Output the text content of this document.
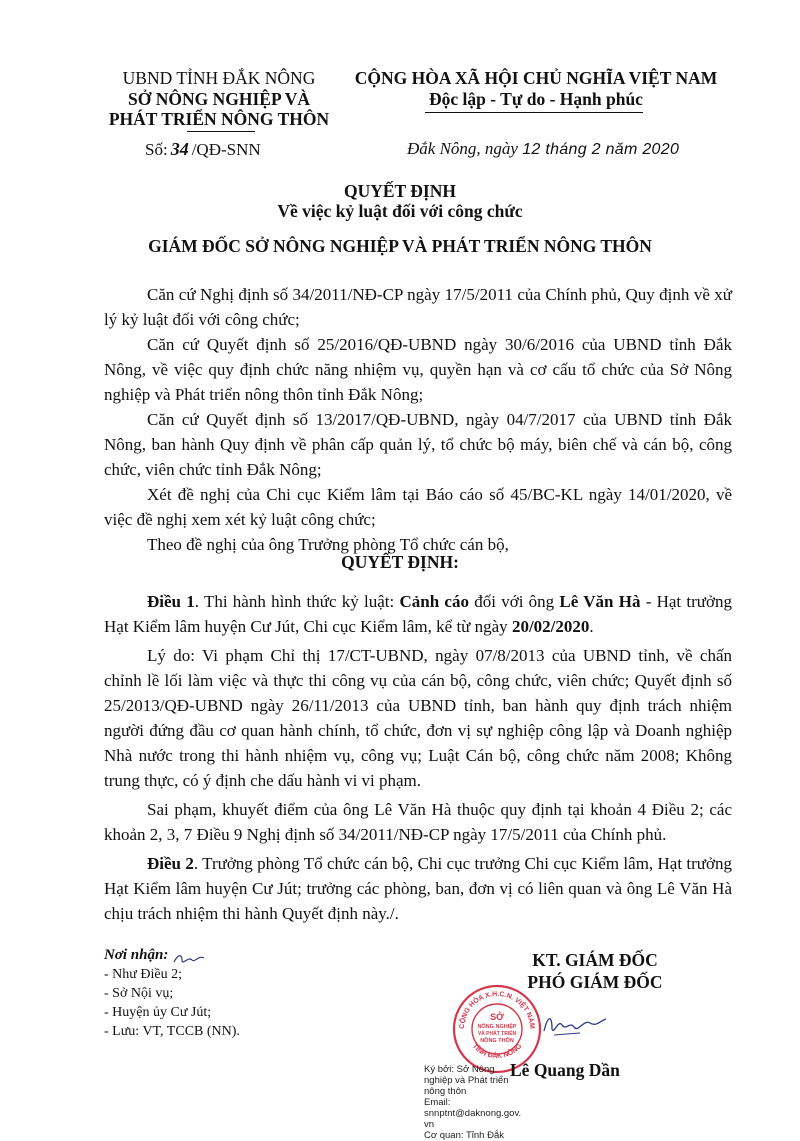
UBND TỈNH ĐẮK NÔNG
SỞ NÔNG NGHIỆP VÀ
PHÁT TRIỂN NÔNG THÔN
CỘNG HÒA XÃ HỘI CHỦ NGHĨA VIỆT NAM
Độc lập - Tự do - Hạnh phúc
Số: 34 /QĐ-SNN	Đắk Nông, ngày 12 tháng 2 năm 2020
QUYẾT ĐỊNH
Về việc kỷ luật đối với công chức
GIÁM ĐỐC SỞ NÔNG NGHIỆP VÀ PHÁT TRIỂN NÔNG THÔN

Căn cứ Nghị định số 34/2011/NĐ-CP ngày 17/5/2011 của Chính phủ, Quy định về xử lý kỷ luật đối với công chức;

Căn cứ Quyết định số 25/2016/QĐ-UBND ngày 30/6/2016 của UBND tỉnh Đắk Nông, về việc quy định chức năng nhiệm vụ, quyền hạn và cơ cấu tổ chức của Sở Nông nghiệp và Phát triển nông thôn tỉnh Đắk Nông;

Căn cứ Quyết định số 13/2017/QĐ-UBND, ngày 04/7/2017 của UBND tỉnh Đắk Nông, ban hành Quy định về phân cấp quản lý, tổ chức bộ máy, biên chế và cán bộ, công chức, viên chức tỉnh Đắk Nông;

Xét đề nghị của Chi cục Kiểm lâm tại Báo cáo số 45/BC-KL ngày 14/01/2020, về việc đề nghị xem xét kỷ luật công chức;

Theo đề nghị của ông Trưởng phòng Tổ chức cán bộ,

QUYẾT ĐỊNH:

Điều 1. Thi hành hình thức kỷ luật: Cảnh cáo đối với ông Lê Văn Hà - Hạt trưởng Hạt Kiểm lâm huyện Cư Jút, Chi cục Kiểm lâm, kể từ ngày 20/02/2020.

Lý do: Vi phạm Chỉ thị 17/CT-UBND, ngày 07/8/2013 của UBND tỉnh, về chấn chỉnh lề lối làm việc và thực thi công vụ của cán bộ, công chức, viên chức; Quyết định số 25/2013/QĐ-UBND ngày 26/11/2013 của UBND tỉnh, ban hành quy định trách nhiệm người đứng đầu cơ quan hành chính, tổ chức, đơn vị sự nghiệp công lập và Doanh nghiệp Nhà nước trong thi hành nhiệm vụ, công vụ; Luật Cán bộ, công chức năm 2008; Không trung thực, có ý định che dấu hành vi vi phạm.

Sai phạm, khuyết điểm của ông Lê Văn Hà thuộc quy định tại khoản 4 Điều 2; các khoản 2, 3, 7 Điều 9 Nghị định số 34/2011/NĐ-CP ngày 17/5/2011 của Chính phủ.

Điều 2. Trưởng phòng Tổ chức cán bộ, Chi cục trưởng Chi cục Kiểm lâm, Hạt trưởng Hạt Kiểm lâm huyện Cư Jút; trưởng các phòng, ban, đơn vị có liên quan và ông Lê Văn Hà chịu trách nhiệm thi hành Quyết định này./.

Nơi nhận:
- Như Điều 2;
- Sở Nội vụ;
- Huyện ủy Cư Jút;
- Lưu: VT, TCCB (NN).
KT. GIÁM ĐỐC
PHÓ GIÁM ĐỐC
CỘNG HÒA X.H.C.N. VIỆT NAM
TỈNH ĐẮK NÔNG
SỞ
NÔNG NGHIỆP
VÀ PHÁT TRIỂN
NÔNG THÔN
Ký bởi: Sở Nông
nghiệp và Phát triển
nông thôn
Email:
snnptnt@daknong.gov.
vn
Cơ quan: Tỉnh Đắk
Lê Quang Dần
